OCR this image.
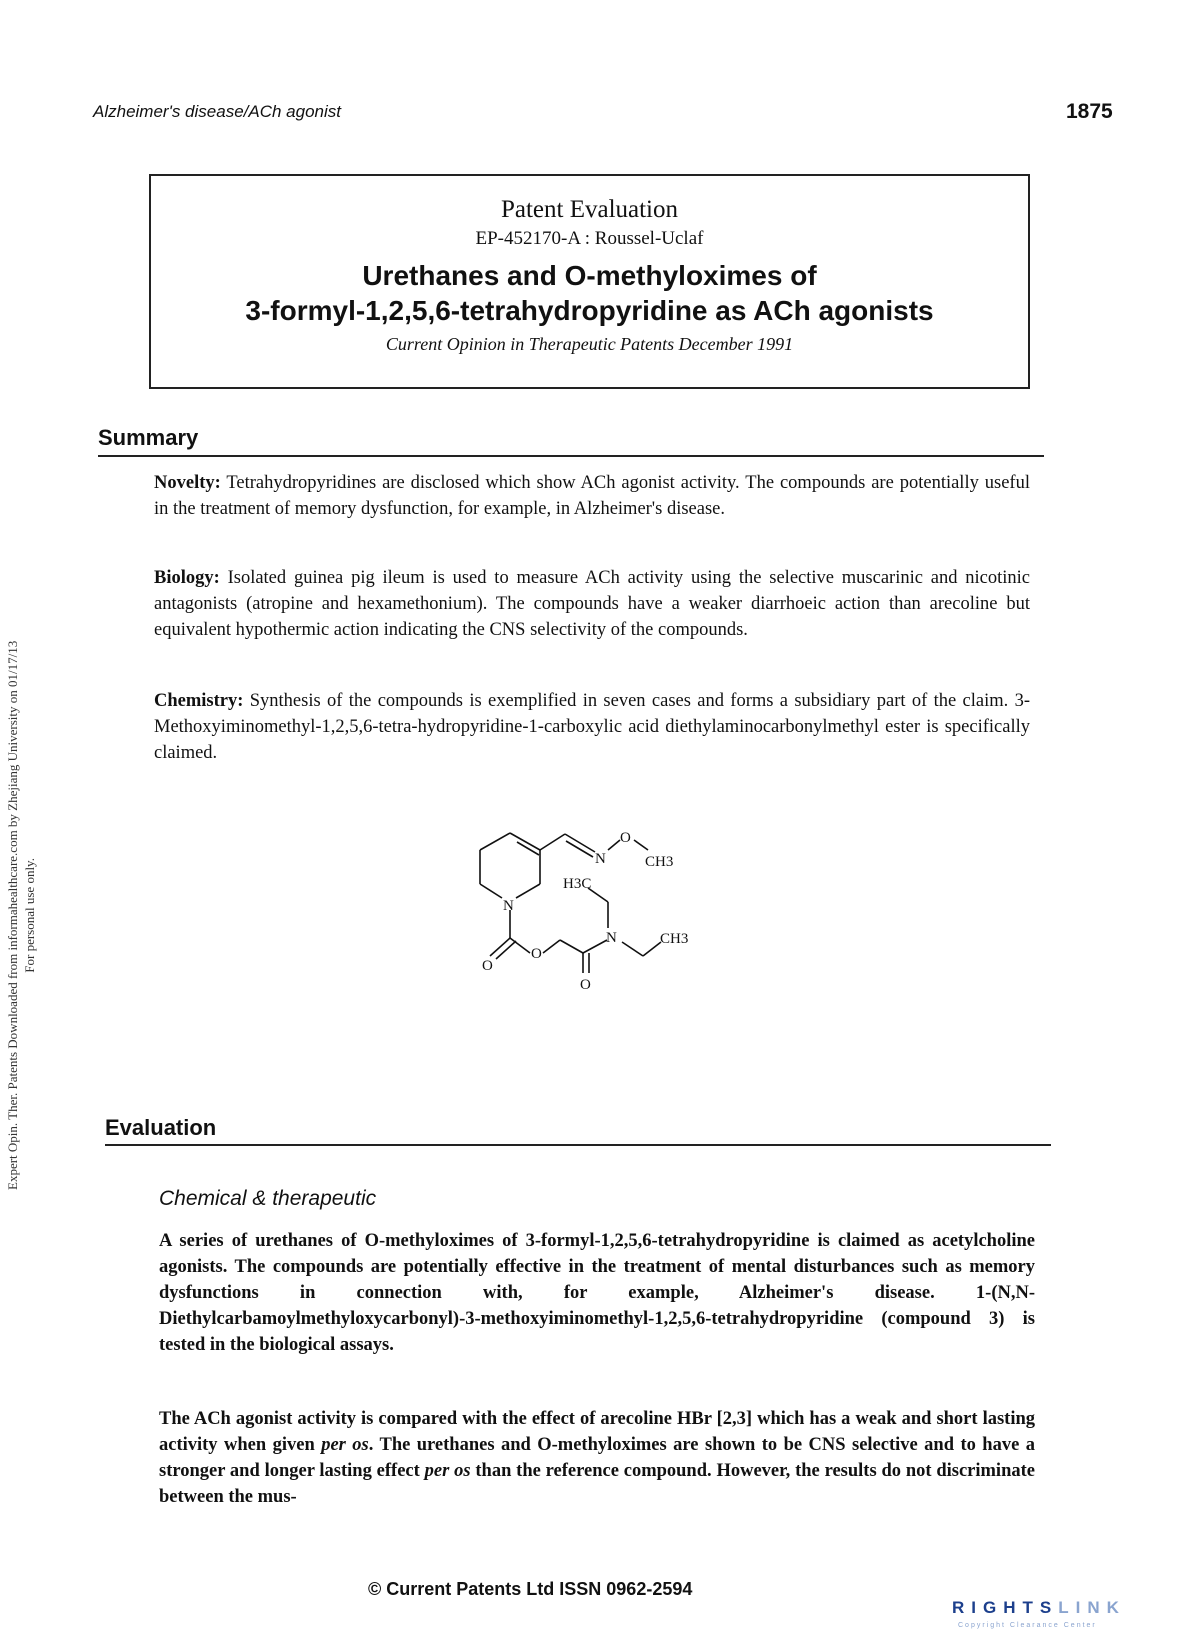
Alzheimer's disease/ACh agonist	1875
Expert Opin. Ther. Patents Downloaded from informahealthcare.com by Zhejiang University on 01/17/13 For personal use only.
Patent Evaluation
EP-452170-A : Roussel-Uclaf
Urethanes and O-methyloximes of
3-formyl-1,2,5,6-tetrahydropyridine as ACh agonists
Current Opinion in Therapeutic Patents December 1991
Summary

Novelty: Tetrahydropyridines are disclosed which show ACh agonist activity. The compounds are potentially useful in the treatment of memory dysfunction, for example, in Alzheimer's disease.

Biology: Isolated guinea pig ileum is used to measure ACh activity using the selective muscarinic and nicotinic antagonists (atropine and hexamethonium). The compounds have a weaker diarrhoeic action than arecoline but equivalent hypothermic action indicating the CNS selectivity of the compounds.

Chemistry: Synthesis of the compounds is exemplified in seven cases and forms a subsidiary part of the claim. 3-Methoxyiminomethyl-1,2,5,6-tetra-hydropyridine-1-carboxylic acid diethylaminocarbonylmethyl ester is specifically claimed.

N
O
CH3
N
H3C
N	CH3
O
O
O
Evaluation
Chemical & therapeutic

A series of urethanes of O-methyloximes of 3-formyl-1,2,5,6-tetrahydropyridine is claimed as acetylcholine agonists. The compounds are potentially effective in the treatment of mental disturbances such as memory dysfunctions in connection with, for example, Alzheimer's disease. 1-(N,N-Diethylcarbamoylmethyloxycarbonyl)-3-methoxyiminomethyl-1,2,5,6-tetrahydropyridine (compound 3) is tested in the biological assays.

The ACh agonist activity is compared with the effect of arecoline HBr [2,3] which has a weak and short lasting activity when given per os. The urethanes and O-methyloximes are shown to be CNS selective and to have a stronger and longer lasting effect per os than the reference compound. However, the results do not discriminate between the mus-

© Current Patents Ltd ISSN 0962-2594
RIGHTSLINK
Copyright Clearance Center
